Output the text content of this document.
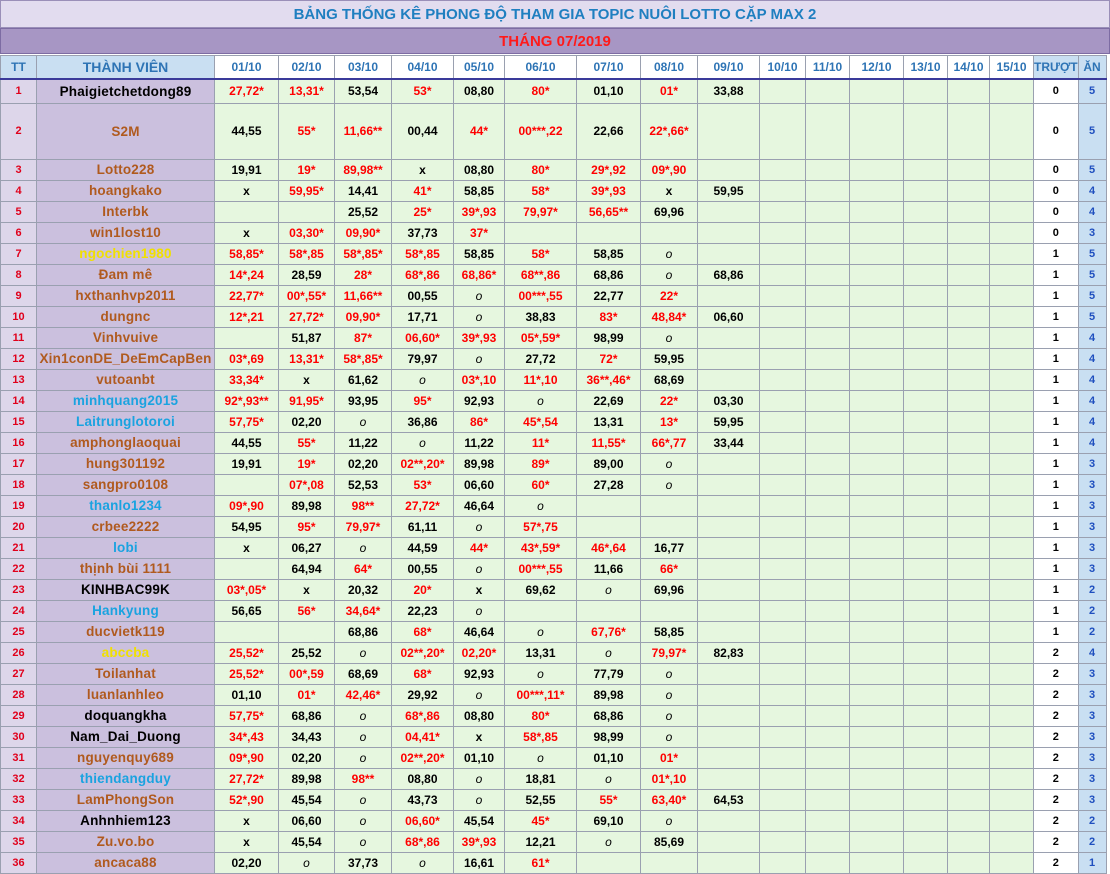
BẢNG THỐNG KÊ PHONG ĐỘ THAM GIA TOPIC NUÔI LOTTO CẶP MAX 2
THÁNG 07/2019
TT	THÀNH VIÊN	01/10	02/10	03/10	04/10	05/10	06/10	07/10	08/10	09/10	10/10	11/10	12/10	13/10	14/10	15/10	TRƯỢT	ĂN
1	Phaigietchetdong89	27,72*	13,31*	53,54	53*	08,80	80*	01,10	01*	33,88							0	5
2	S2M	44,55	55*	11,66**	00,44	44*	00***,22	22,66	22*,66*								0	5
3	Lotto228	19,91	19*	89,98**	x	08,80	80*	29*,92	09*,90								0	5
4	hoangkako	x	59,95*	14,41	41*	58,85	58*	39*,93	x	59,95							0	4
5	Interbk			25,52	25*	39*,93	79,97*	56,65**	69,96								0	4
6	win1lost10	x	03,30*	09,90*	37,73	37*											0	3
7	ngochien1980	58,85*	58*,85	58*,85*	58*,85	58,85	58*	58,85	o								1	5
8	Đam mê	14*,24	28,59	28*	68*,86	68,86*	68**,86	68,86	o	68,86							1	5
9	hxthanhvp2011	22,77*	00*,55*	11,66**	00,55	o	00***,55	22,77	22*								1	5
10	dungnc	12*,21	27,72*	09,90*	17,71	o	38,83	83*	48,84*	06,60							1	5
11	Vinhvuive		51,87	87*	06,60*	39*,93	05*,59*	98,99	o								1	4
12	Xin1conDE_DeEmCapBen	03*,69	13,31*	58*,85*	79,97	o	27,72	72*	59,95								1	4
13	vutoanbt	33,34*	x	61,62	o	03*,10	11*,10	36**,46*	68,69								1	4
14	minhquang2015	92*,93**	91,95*	93,95	95*	92,93	o	22,69	22*	03,30							1	4
15	Laitrunglotoroi	57,75*	02,20	o	36,86	86*	45*,54	13,31	13*	59,95							1	4
16	amphonglaoquai	44,55	55*	11,22	o	11,22	11*	11,55*	66*,77	33,44							1	4
17	hung301192	19,91	19*	02,20	02**,20*	89,98	89*	89,00	o								1	3
18	sangpro0108		07*,08	52,53	53*	06,60	60*	27,28	o								1	3
19	thanlo1234	09*,90	89,98	98**	27,72*	46,64	o										1	3
20	crbee2222	54,95	95*	79,97*	61,11	o	57*,75										1	3
21	lobi	x	06,27	o	44,59	44*	43*,59*	46*,64	16,77								1	3
22	thịnh bùi 1111		64,94	64*	00,55	o	00***,55	11,66	66*								1	3
23	KINHBAC99K	03*,05*	x	20,32	20*	x	69,62	o	69,96								1	2
24	Hankyung	56,65	56*	34,64*	22,23	o											1	2
25	ducvietk119			68,86	68*	46,64	o	67,76*	58,85								1	2
26	abccba	25,52*	25,52	o	02**,20*	02,20*	13,31	o	79,97*	82,83							2	4
27	Toilanhat	25,52*	00*,59	68,69	68*	92,93	o	77,79	o								2	3
28	luanlanhleo	01,10	01*	42,46*	29,92	o	00***,11*	89,98	o								2	3
29	doquangkha	57,75*	68,86	o	68*,86	08,80	80*	68,86	o								2	3
30	Nam_Dai_Duong	34*,43	34,43	o	04,41*	x	58*,85	98,99	o								2	3
31	nguyenquy689	09*,90	02,20	o	02**,20*	01,10	o	01,10	01*								2	3
32	thiendangduy	27,72*	89,98	98**	08,80	o	18,81	o	01*,10								2	3
33	LamPhongSon	52*,90	45,54	o	43,73	o	52,55	55*	63,40*	64,53							2	3
34	Anhnhiem123	x	06,60	o	06,60*	45,54	45*	69,10	o								2	2
35	Zu.vo.bo	x	45,54	o	68*,86	39*,93	12,21	o	85,69								2	2
36	ancaca88	02,20	o	37,73	o	16,61	61*										2	1
